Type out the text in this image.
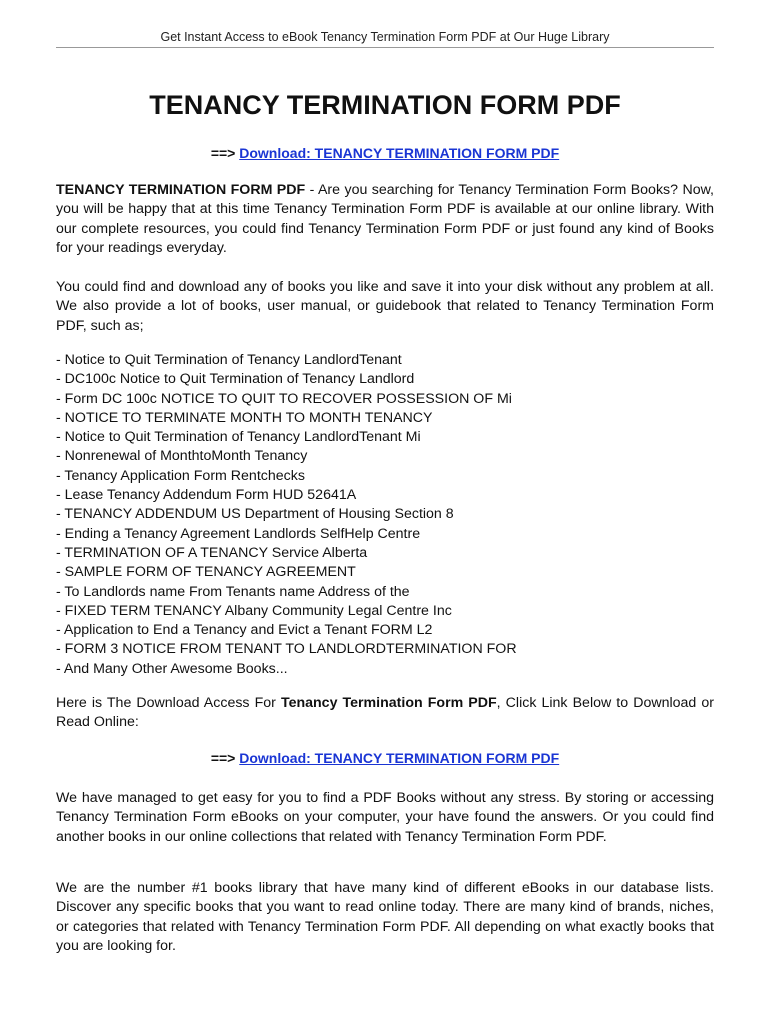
Get Instant Access to eBook Tenancy Termination Form PDF at Our Huge Library
TENANCY TERMINATION FORM PDF
==> Download: TENANCY TERMINATION FORM PDF

TENANCY TERMINATION FORM PDF - Are you searching for Tenancy Termination Form Books? Now, you will be happy that at this time Tenancy Termination Form PDF is available at our online library. With our complete resources, you could find Tenancy Termination Form PDF or just found any kind of Books for your readings everyday.

You could find and download any of books you like and save it into your disk without any problem at all. We also provide a lot of books, user manual, or guidebook that related to Tenancy Termination Form PDF, such as;

- Notice to Quit Termination of Tenancy LandlordTenant
- DC100c Notice to Quit Termination of Tenancy Landlord
- Form DC 100c NOTICE TO QUIT TO RECOVER POSSESSION OF Mi
- NOTICE TO TERMINATE MONTH TO MONTH TENANCY
- Notice to Quit Termination of Tenancy LandlordTenant Mi
- Nonrenewal of MonthtoMonth Tenancy
- Tenancy Application Form Rentchecks
- Lease Tenancy Addendum Form HUD 52641A
- TENANCY ADDENDUM US Department of Housing Section 8
- Ending a Tenancy Agreement Landlords SelfHelp Centre
- TERMINATION OF A TENANCY Service Alberta
- SAMPLE FORM OF TENANCY AGREEMENT
- To Landlords name From Tenants name Address of the
- FIXED TERM TENANCY Albany Community Legal Centre Inc
- Application to End a Tenancy and Evict a Tenant FORM L2
- FORM 3 NOTICE FROM TENANT TO LANDLORDTERMINATION FOR
- And Many Other Awesome Books...

Here is The Download Access For Tenancy Termination Form PDF, Click Link Below to Download or Read Online:

==> Download: TENANCY TERMINATION FORM PDF

We have managed to get easy for you to find a PDF Books without any stress. By storing or accessing Tenancy Termination Form eBooks on your computer, your have found the answers. Or you could find another books in our online collections that related with Tenancy Termination Form PDF.

We are the number #1 books library that have many kind of different eBooks in our database lists. Discover any specific books that you want to read online today. There are many kind of brands, niches, or categories that related with Tenancy Termination Form PDF. All depending on what exactly books that you are looking for.
